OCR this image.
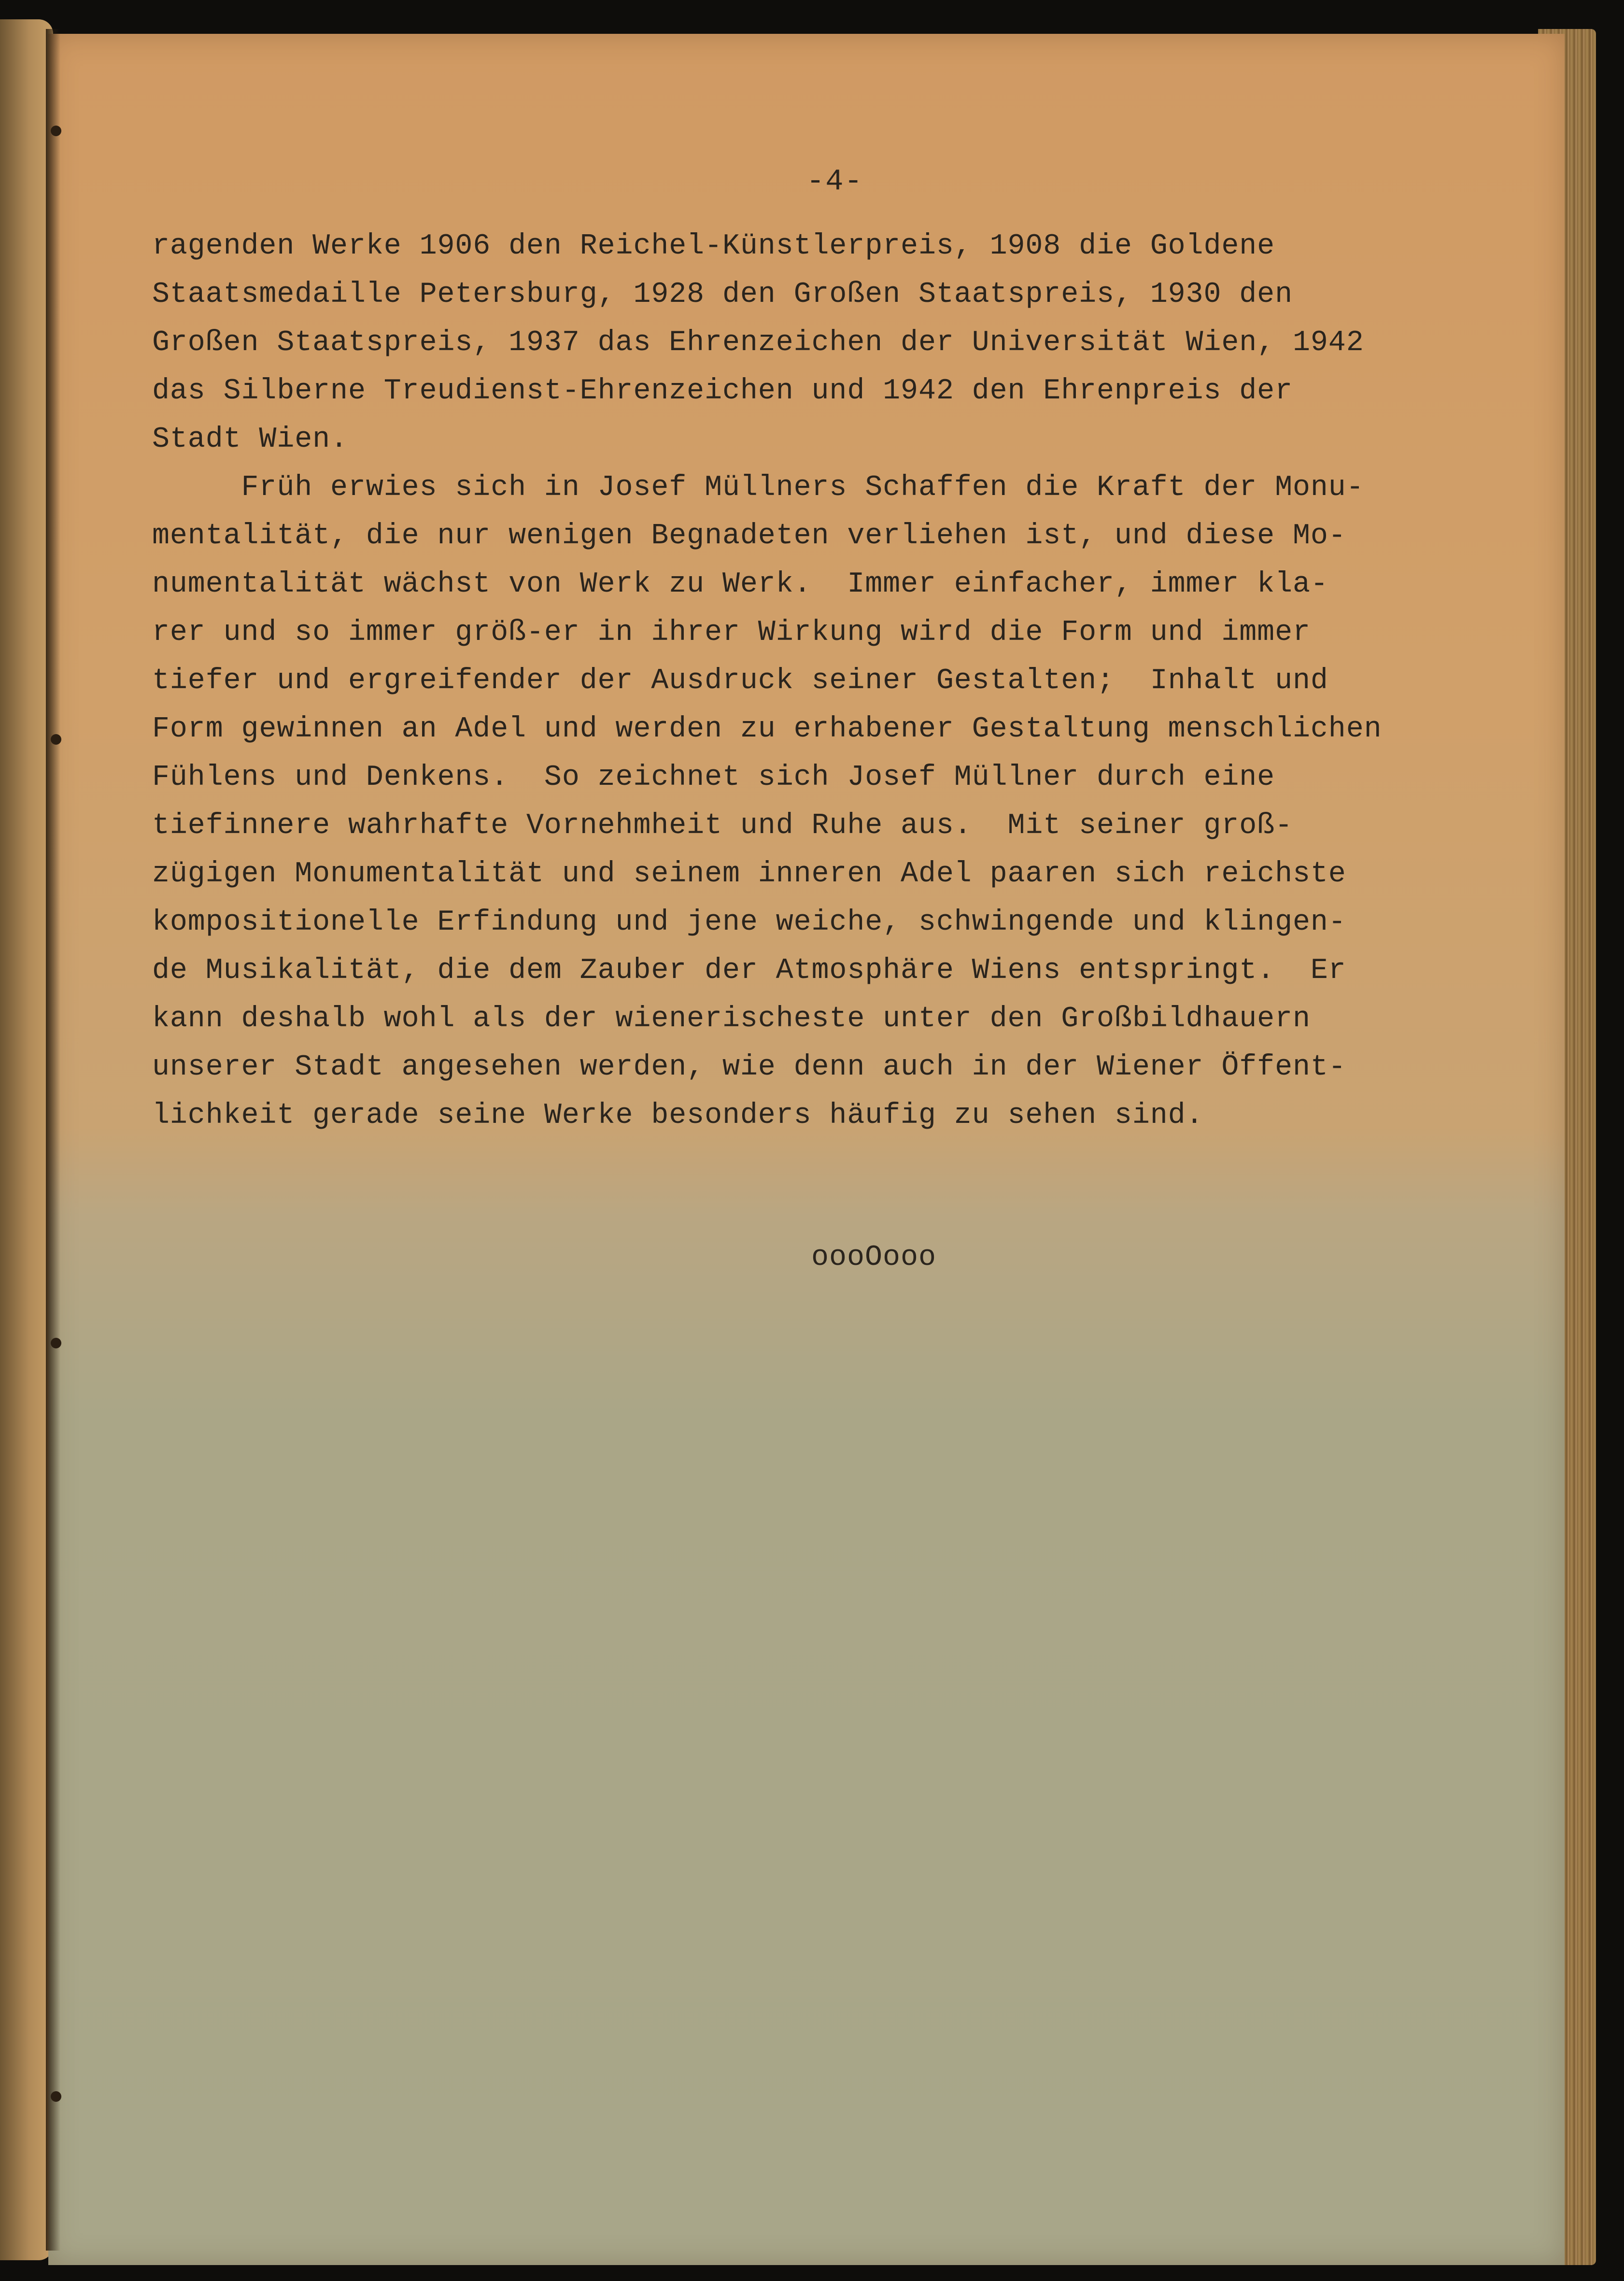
-4-
ragenden Werke 1906 den Reichel-Künstlerpreis, 1908 die Goldene
Staatsmedaille Petersburg, 1928 den Großen Staatspreis, 1930 den
Großen Staatspreis, 1937 das Ehrenzeichen der Universität Wien, 1942
das Silberne Treudienst-Ehrenzeichen und 1942 den Ehrenpreis der
Stadt Wien.
Früh erwies sich in Josef Müllners Schaffen die Kraft der Monu-
mentalität, die nur wenigen Begnadeten verliehen ist, und diese Mo-
numentalität wächst von Werk zu Werk.  Immer einfacher, immer kla-
rer und so immer größ-er in ihrer Wirkung wird die Form und immer
tiefer und ergreifender der Ausdruck seiner Gestalten;  Inhalt und
Form gewinnen an Adel und werden zu erhabener Gestaltung menschlichen
Fühlens und Denkens.  So zeichnet sich Josef Müllner durch eine
tiefinnere wahrhafte Vornehmheit und Ruhe aus.  Mit seiner groß-
zügigen Monumentalität und seinem inneren Adel paaren sich reichste
kompositionelle Erfindung und jene weiche, schwingende und klingen-
de Musikalität, die dem Zauber der Atmosphäre Wiens entspringt.  Er
kann deshalb wohl als der wienerischeste unter den Großbildhauern
unserer Stadt angesehen werden, wie denn auch in der Wiener Öffent-
lichkeit gerade seine Werke besonders häufig zu sehen sind.
oooOooo
